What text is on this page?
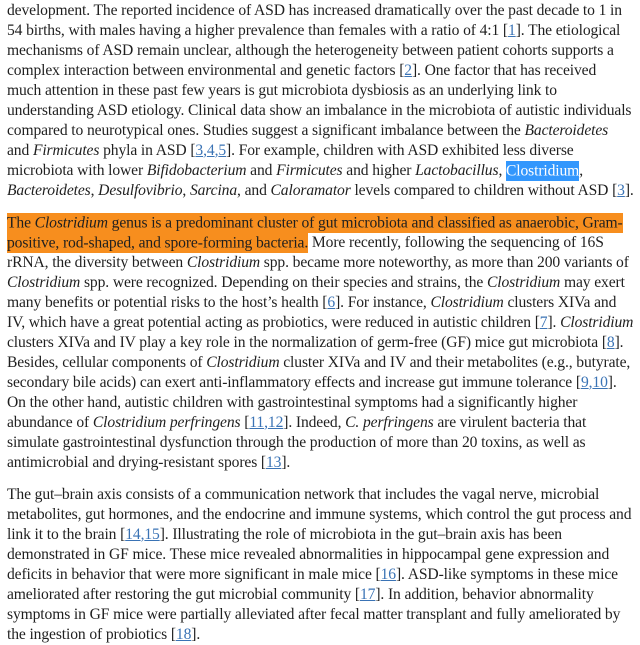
development. The reported incidence of ASD has increased dramatically over the past decade to 1 in 54 births, with males having a higher prevalence than females with a ratio of 4:1 [1]. The etiological mechanisms of ASD remain unclear, although the heterogeneity between patient cohorts supports a complex interaction between environmental and genetic factors [2]. One factor that has received much attention in these past few years is gut microbiota dysbiosis as an underlying link to understanding ASD etiology. Clinical data show an imbalance in the microbiota of autistic individuals compared to neurotypical ones. Studies suggest a significant imbalance between the Bacteroidetes and Firmicutes phyla in ASD [3,4,5]. For example, children with ASD exhibited less diverse microbiota with lower Bifidobacterium and Firmicutes and higher Lactobacillus, Clostridium, Bacteroidetes, Desulfovibrio, Sarcina, and Caloramator levels compared to children without ASD [3].

The Clostridium genus is a predominant cluster of gut microbiota and classified as anaerobic, Gram-positive, rod-shaped, and spore-forming bacteria. More recently, following the sequencing of 16S rRNA, the diversity between Clostridium spp. became more noteworthy, as more than 200 variants of Clostridium spp. were recognized. Depending on their species and strains, the Clostridium may exert many benefits or potential risks to the host’s health [6]. For instance, Clostridium clusters XIVa and IV, which have a great potential acting as probiotics, were reduced in autistic children [7]. Clostridium clusters XIVa and IV play a key role in the normalization of germ-free (GF) mice gut microbiota [8]. Besides, cellular components of Clostridium cluster XIVa and IV and their metabolites (e.g., butyrate, secondary bile acids) can exert anti-inflammatory effects and increase gut immune tolerance [9,10]. On the other hand, autistic children with gastrointestinal symptoms had a significantly higher abundance of Clostridium perfringens [11,12]. Indeed, C. perfringens are virulent bacteria that simulate gastrointestinal dysfunction through the production of more than 20 toxins, as well as antimicrobial and drying-resistant spores [13].

The gut–brain axis consists of a communication network that includes the vagal nerve, microbial metabolites, gut hormones, and the endocrine and immune systems, which control the gut process and link it to the brain [14,15]. Illustrating the role of microbiota in the gut–brain axis has been demonstrated in GF mice. These mice revealed abnormalities in hippocampal gene expression and deficits in behavior that were more significant in male mice [16]. ASD-like symptoms in these mice ameliorated after restoring the gut microbial community [17]. In addition, behavior abnormality symptoms in GF mice were partially alleviated after fecal matter transplant and fully ameliorated by the ingestion of probiotics [18].
